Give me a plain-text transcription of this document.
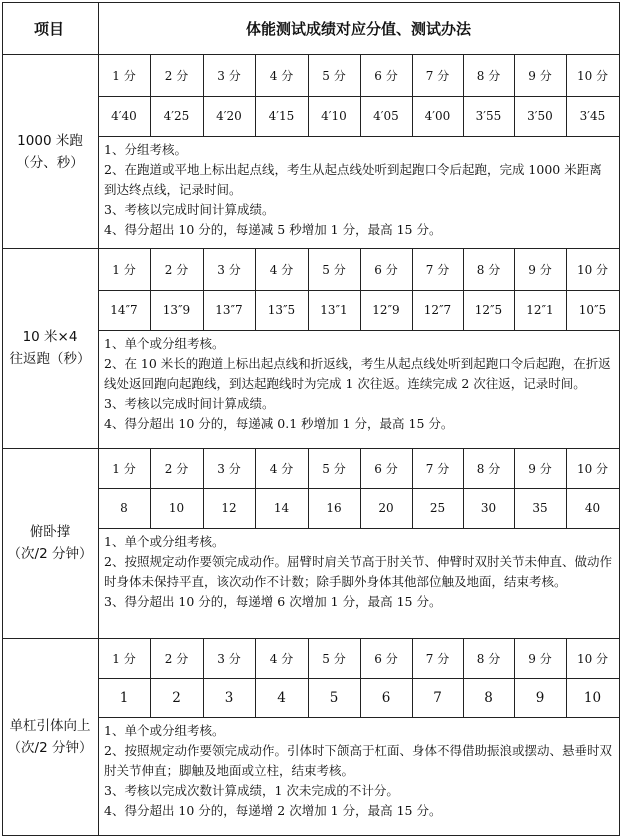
项目	体能测试成绩对应分值、测试办法
1000 米跑
（分、秒）
1 分
4′40
2 分
4′25
3 分
4′20
4 分
4′15
5 分
4′10
6 分
4′05
7 分
4′00
8 分
3′55
9 分
3′50
10 分
3′45
1、分组考核。
2、在跑道或平地上标出起点线，考生从起点线处听到起跑口令后起跑，完成 1000 米距离到达终点线，记录时间。
3、考核以完成时间计算成绩。
4、得分超出 10 分的，每递减 5 秒增加 1 分，最高 15 分。
10 米×4
往返跑（秒）
1 分
14″7
2 分
13″9
3 分
13″7
4 分
13″5
5 分
13″1
6 分
12″9
7 分
12″7
8 分
12″5
9 分
12″1
10 分
10″5
1、单个或分组考核。
2、在 10 米长的跑道上标出起点线和折返线，考生从起点线处听到起跑口令后起跑，在折返线处返回跑向起跑线，到达起跑线时为完成 1 次往返。连续完成 2 次往返，记录时间。
3、考核以完成时间计算成绩。
4、得分超出 10 分的，每递减 0.1 秒增加 1 分，最高 15 分。
俯卧撑
（次/2 分钟）
1 分
8
2 分
10
3 分
12
4 分
14
5 分
16
6 分
20
7 分
25
8 分
30
9 分
35
10 分
40
1、单个或分组考核。
2、按照规定动作要领完成动作。屈臂时肩关节高于肘关节、伸臂时双肘关节未伸直、做动作时身体未保持平直，该次动作不计数；除手脚外身体其他部位触及地面，结束考核。
3、得分超出 10 分的，每递增 6 次增加 1 分，最高 15 分。
单杠引体向上
（次/2 分钟）
1 分
1
2 分
2
3 分
3
4 分
4
5 分
5
6 分
6
7 分
7
8 分
8
9 分
9
10 分
10
1、单个或分组考核。
2、按照规定动作要领完成动作。引体时下颌高于杠面、身体不得借助振浪或摆动、悬垂时双肘关节伸直；脚触及地面或立柱，结束考核。
3、考核以完成次数计算成绩，1 次未完成的不计分。
4、得分超出 10 分的，每递增 2 次增加 1 分，最高 15 分。
